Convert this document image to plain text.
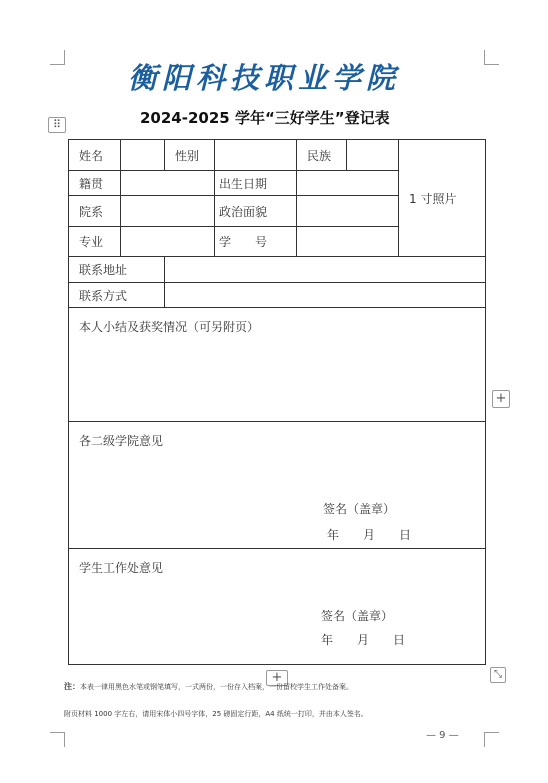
衡阳科技职业学院
2024-2025 学年“三好学生”登记表
⠿
+
+	⤡
姓名		性别		民族		1 寸照片
籍贯			出生日期			
院系			政治面貌			
专业			学　　号			
联系地址						
联系方式						
本人小结及获奖情况（可另附页）						

各二级学院意见
签名（盖章）
年　　月　　日						

学生工作处意见
签名（盖章）
年　　月　　日						
注：本表一律用黑色水笔或钢笔填写，一式两份，一份存入档案，一份留校学生工作处备案。
附页材料 1000 字左右，请用宋体小四号字体，25 磅固定行距，A4 纸统一打印，并由本人签名。
— 9 —
